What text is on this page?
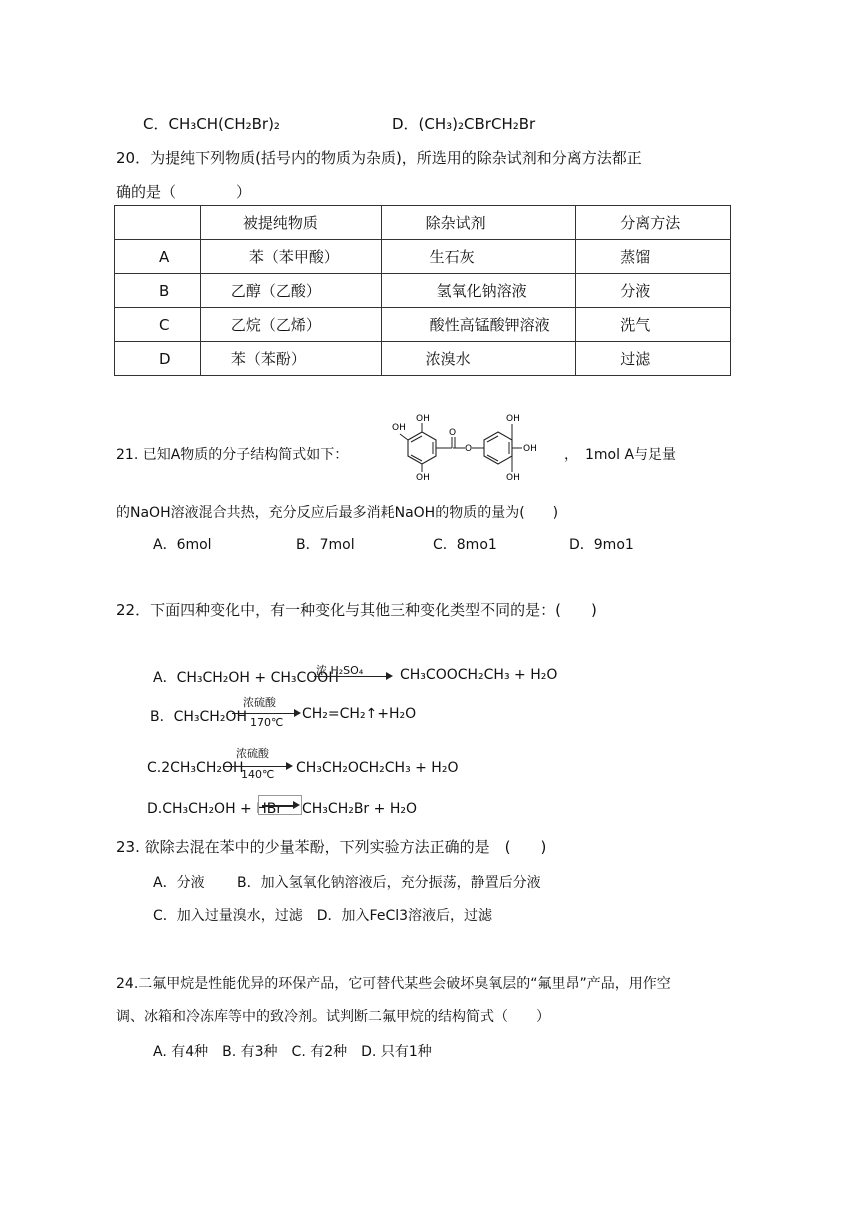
C．CH₃CH(CH₂Br)₂	D．(CH₃)₂CBrCH₂Br
20．为提纯下列物质(括号内的物质为杂质)，所选用的除杂试剂和分离方法都正
确的是（　　　　）
	被提纯物质	除杂试剂	分离方法
A	苯（苯甲酸）	生石灰	蒸馏
B	乙醇（乙酸）	氢氧化钠溶液	分液
C	乙烷（乙烯）	酸性高锰酸钾溶液	洗气
D	苯（苯酚）	浓溴水	过滤
21. 已知A物质的分子结构简式如下：
OH
OH
OH
O
O
OH
OH
OH
，　1mol A与足量
的NaOH溶液混合共热，充分反应后最多消耗NaOH的物质的量为(　　)
A．6mol	B．7mol	C．8mo1	D．9mo1
22．下面四种变化中，有一种变化与其他三种变化类型不同的是：(　　)
A．CH₃CH₂OH + CH₃COOH
浓 H₂SO₄	CH₃COOCH₂CH₃ + H₂O
B．CH₃CH₂OH
浓硫酸
170℃
CH₂=CH₂↑+H₂O
C.2CH₃CH₂OH
浓硫酸
140℃ CH₃CH₂OCH₂CH₃ + H₂O
D.CH₃CH₂OH + HBr CH₃CH₂Br + H₂O
23. 欲除去混在苯中的少量苯酚，下列实验方法正确的是　(　　)
A．分液　　 B．加入氢氧化钠溶液后，充分振荡，静置后分液
C．加入过量溴水，过滤　D．加入FeCl3溶液后，过滤
24.二氟甲烷是性能优异的环保产品，它可替代某些会破坏臭氧层的“氟里昂”产品，用作空
调、冰箱和冷冻库等中的致冷剂。试判断二氟甲烷的结构简式（　　）
A. 有4种　B. 有3种　C. 有2种　D. 只有1种
